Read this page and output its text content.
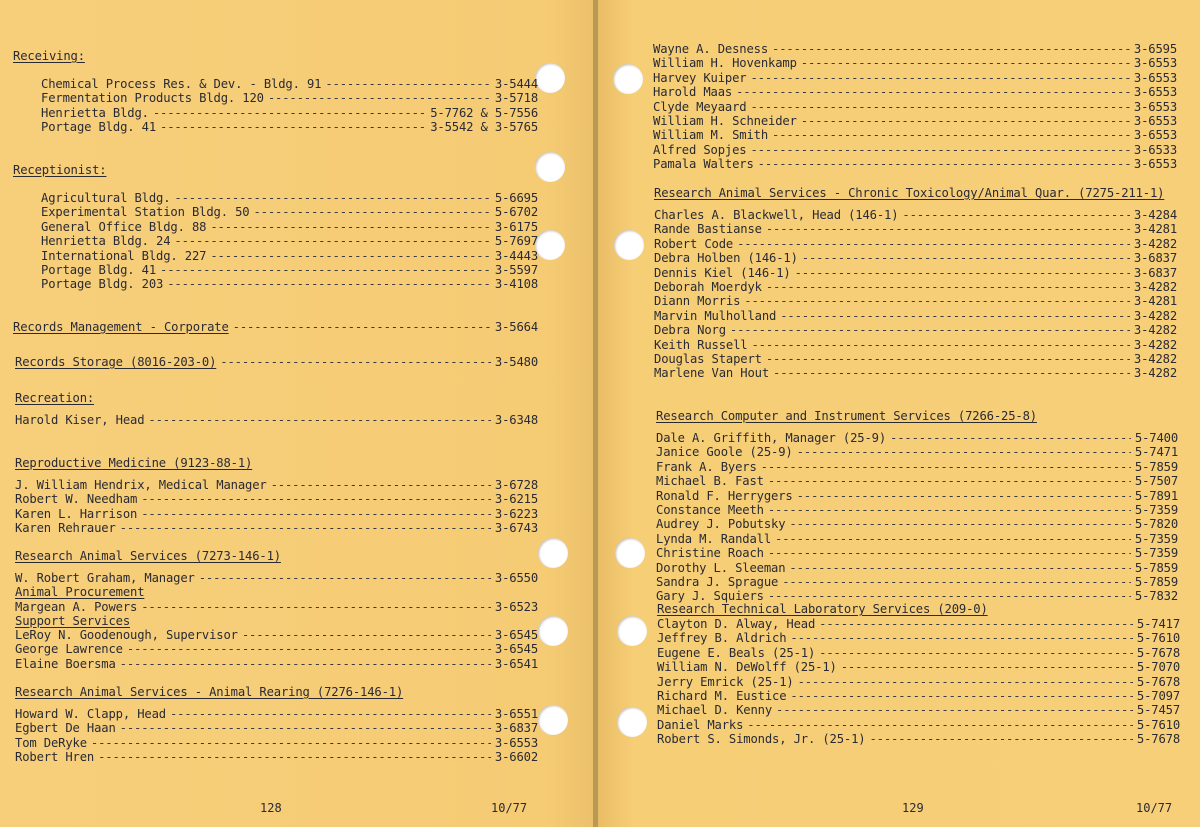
Receiving:
Receptionist:
Recreation:
Reproductive Medicine (9123-88-1)
Research Animal Services (7273-146-1)
Animal Procurement
Support Services
Research Animal Services - Animal Rearing (7276-146-1)
Research Animal Services - Chronic Toxicology/Animal Quar. (7275-211-1)
Research Computer and Instrument Services (7266-25-8)
Research Technical Laboratory Services (209-0)
128	10/77	129	10/77
Chemical Process Res. & Dev. - Bldg. 91 -----	3-5444
Fermentation Products Bldg. 120 -----	3-5718
Henrietta Bldg. -----	5-7762 & 5-7556
Portage Bldg. 41 -----	3-5542 & 3-5765
Agricultural Bldg. -----	5-6695
Experimental Station Bldg. 50 -----	5-6702
General Office Bldg. 88 -----	3-6175
Henrietta Bldg. 24 -----	5-7697
International Bldg. 227 -----	3-4443
Portage Bldg. 41 -----	3-5597
Portage Bldg. 203 -----	3-4108
Records Management - Corporate -----	3-5664
Records Storage (8016-203-0) -----	3-5480
Harold Kiser, Head -----	3-6348
J. William Hendrix, Medical Manager -----	3-6728
Robert W. Needham -----	3-6215
Karen L. Harrison -----	3-6223
Karen Rehrauer -----	3-6743
W. Robert Graham, Manager -----	3-6550
Margean A. Powers -----	3-6523
LeRoy N. Goodenough, Supervisor -----	3-6545
George Lawrence -----	3-6545
Elaine Boersma -----	3-6541
Howard W. Clapp, Head -----	3-6551
Egbert De Haan -----	3-6837
Tom DeRyke -----	3-6553
Robert Hren -----	3-6602
Wayne A. Desness -----	3-6595
William H. Hovenkamp -----	3-6553
Harvey Kuiper -----	3-6553
Harold Maas -----	3-6553
Clyde Meyaard -----	3-6553
William H. Schneider -----	3-6553
William M. Smith -----	3-6553
Alfred Sopjes -----	3-6533
Pamala Walters -----	3-6553
Charles A. Blackwell, Head (146-1) -----	3-4284
Rande Bastianse -----	3-4281
Robert Code -----	3-4282
Debra Holben (146-1) -----	3-6837
Dennis Kiel (146-1) -----	3-6837
Deborah Moerdyk -----	3-4282
Diann Morris -----	3-4281
Marvin Mulholland -----	3-4282
Debra Norg -----	3-4282
Keith Russell -----	3-4282
Douglas Stapert -----	3-4282
Marlene Van Hout -----	3-4282
Dale A. Griffith, Manager (25-9) -----	5-7400
Janice Goole (25-9) -----	5-7471
Frank A. Byers -----	5-7859
Michael B. Fast -----	5-7507
Ronald F. Herrygers -----	5-7891
Constance Meeth -----	5-7359
Audrey J. Pobutsky -----	5-7820
Lynda M. Randall -----	5-7359
Christine Roach -----	5-7359
Dorothy L. Sleeman -----	5-7859
Sandra J. Sprague -----	5-7859
Gary J. Squiers -----	5-7832
Clayton D. Alway, Head -----	5-7417
Jeffrey B. Aldrich -----	5-7610
Eugene E. Beals (25-1) -----	5-7678
William N. DeWolff (25-1) -----	5-7070
Jerry Emrick (25-1) -----	5-7678
Richard M. Eustice -----	5-7097
Michael D. Kenny -----	5-7457
Daniel Marks -----	5-7610
Robert S. Simonds, Jr. (25-1) -----	5-7678
